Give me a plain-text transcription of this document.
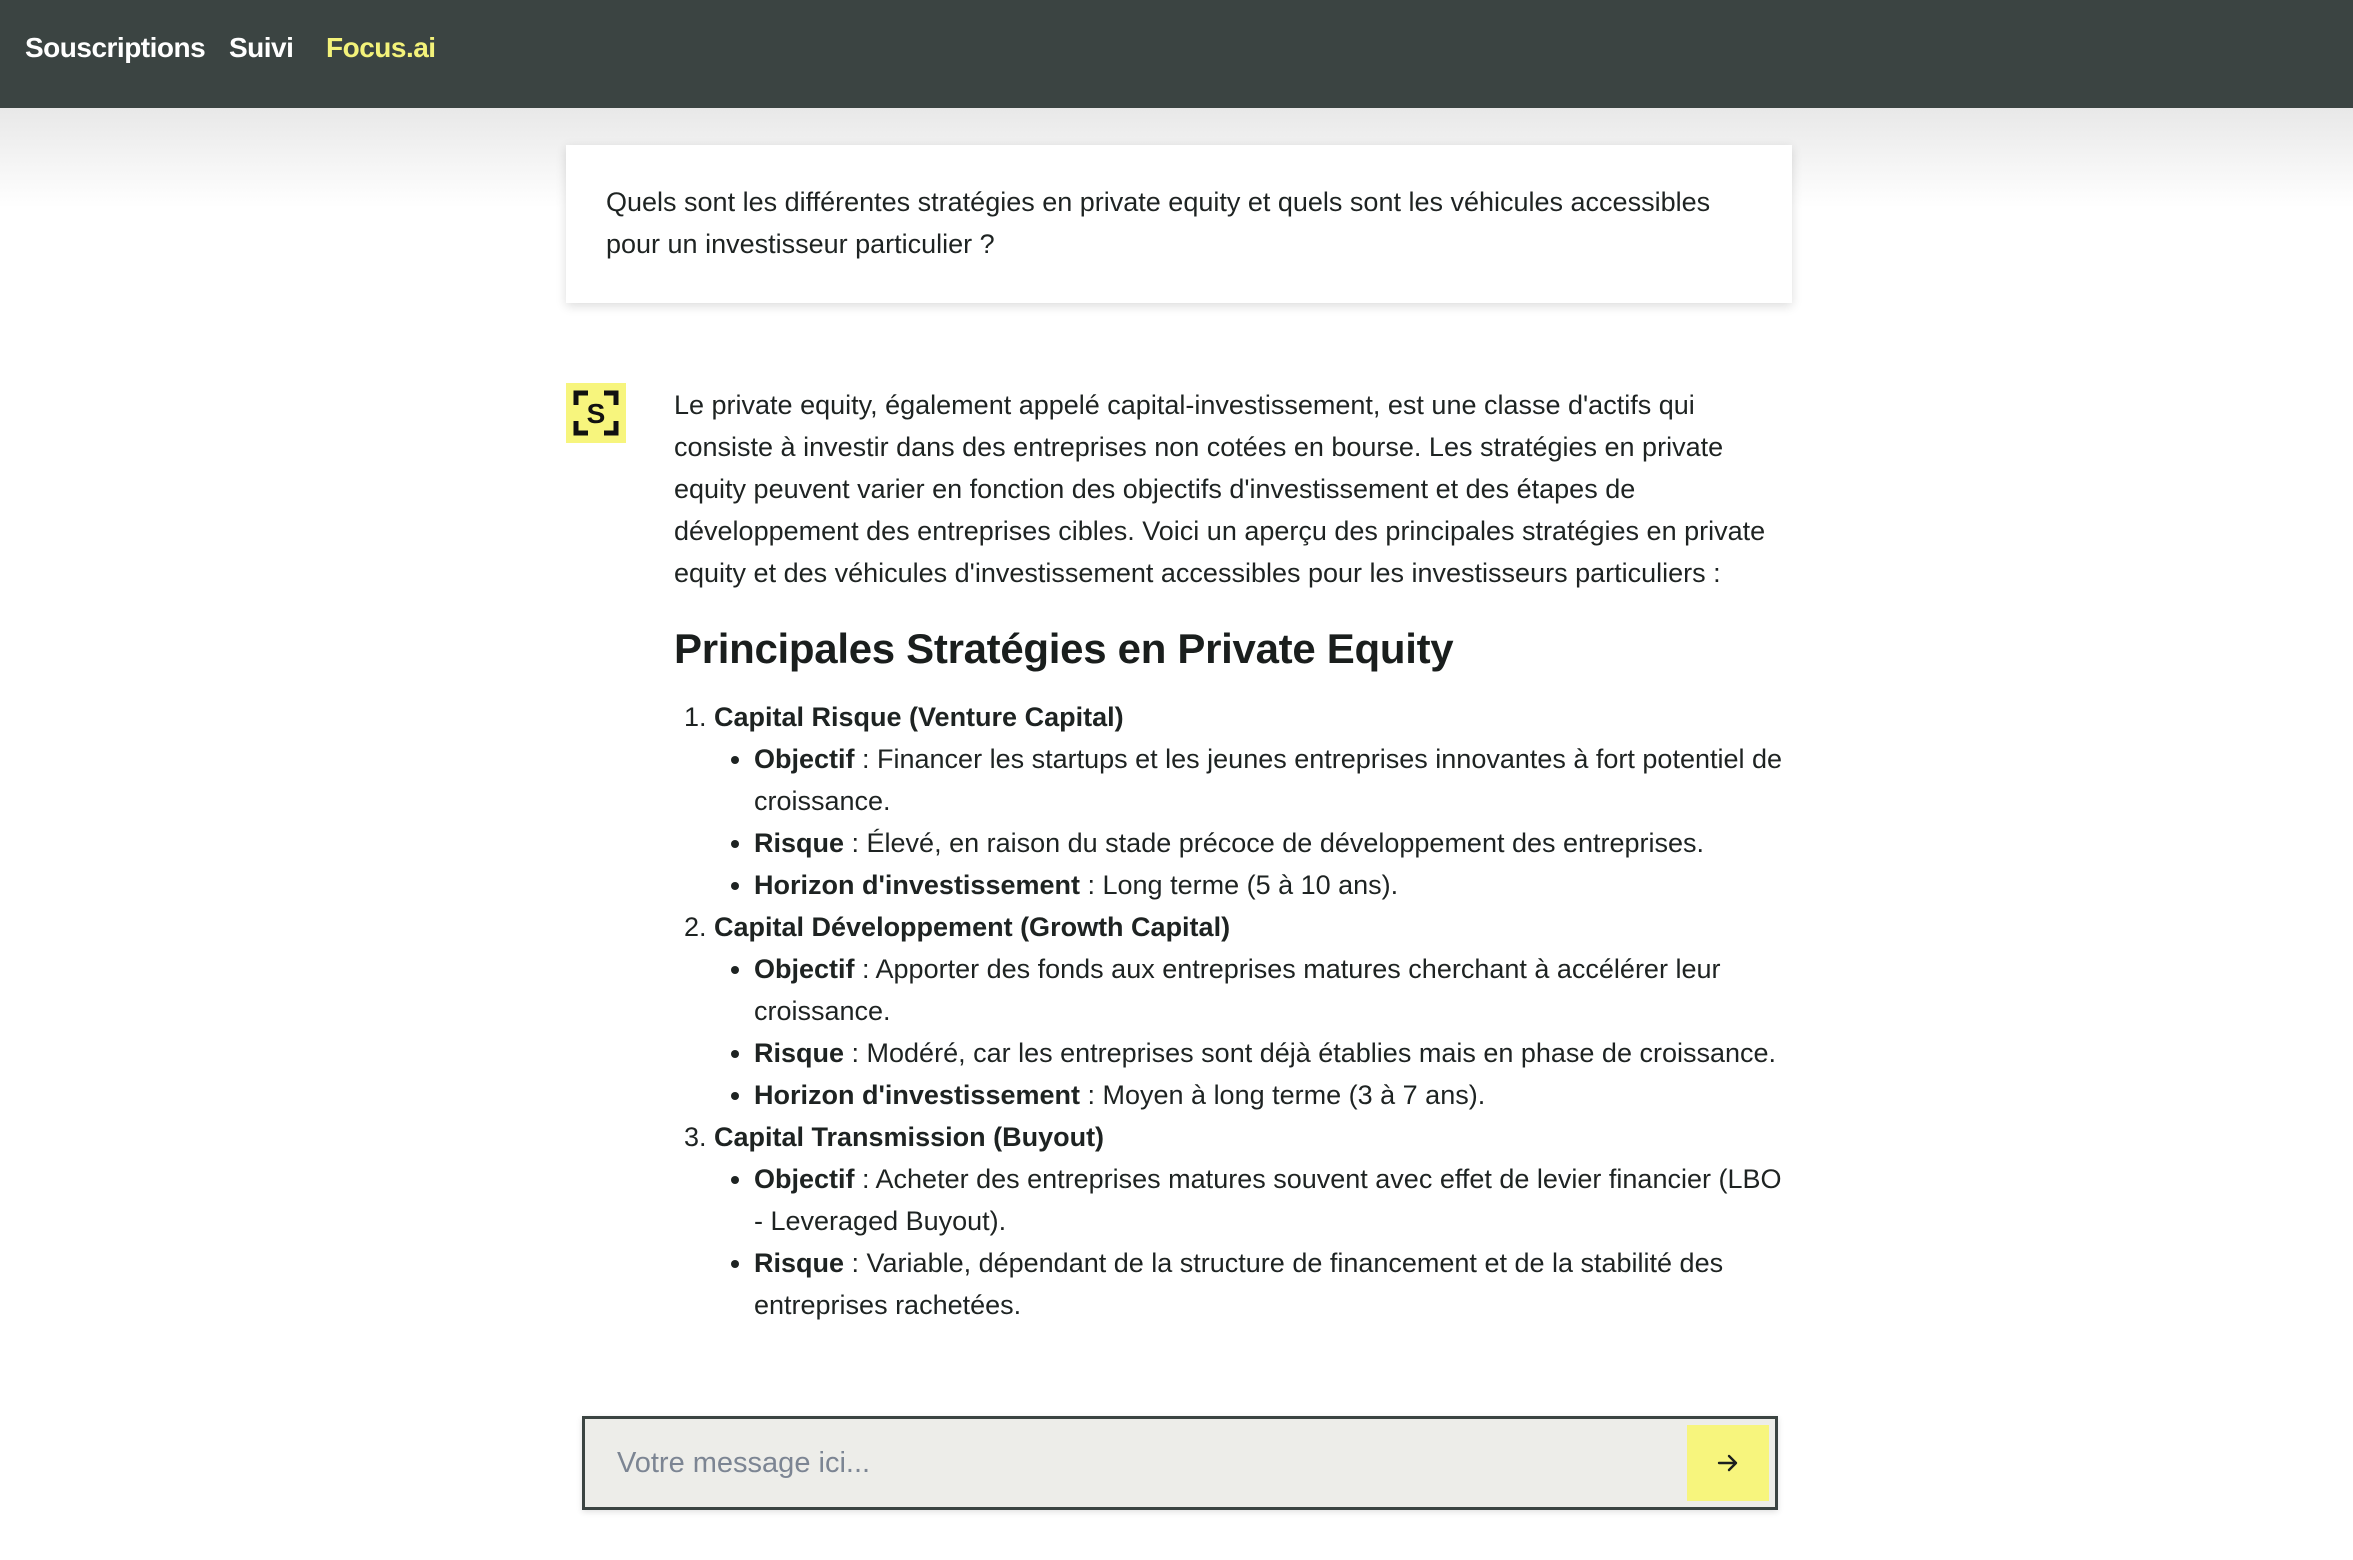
Souscriptions Suivi Focus.ai
Quels sont les différentes stratégies en private equity et quels sont les véhicules accessibles pour un investisseur particulier ?
S	Le private equity, également appelé capital-investissement, est une classe d'actifs qui consiste à investir dans des entreprises non cotées en bourse. Les stratégies en private equity peuvent varier en fonction des objectifs d'investissement et des étapes de développement des entreprises cibles. Voici un aperçu des principales stratégies en private equity et des véhicules d'investissement accessibles pour les investisseurs particuliers :

Principales Stratégies en Private Equity
1. Capital Risque (Venture Capital)
• Objectif : Financer les startups et les jeunes entreprises innovantes à fort potentiel de croissance.
• Risque : Élevé, en raison du stade précoce de développement des entreprises.
• Horizon d'investissement : Long terme (5 à 10 ans).
2. Capital Développement (Growth Capital)
• Objectif : Apporter des fonds aux entreprises matures cherchant à accélérer leur croissance.
• Risque : Modéré, car les entreprises sont déjà établies mais en phase de croissance.
• Horizon d'investissement : Moyen à long terme (3 à 7 ans).
3. Capital Transmission (Buyout)
• Objectif : Acheter des entreprises matures souvent avec effet de levier financier (LBO - Leveraged Buyout).
• Risque : Variable, dépendant de la structure de financement et de la stabilité des entreprises rachetées.
Votre message ici...
